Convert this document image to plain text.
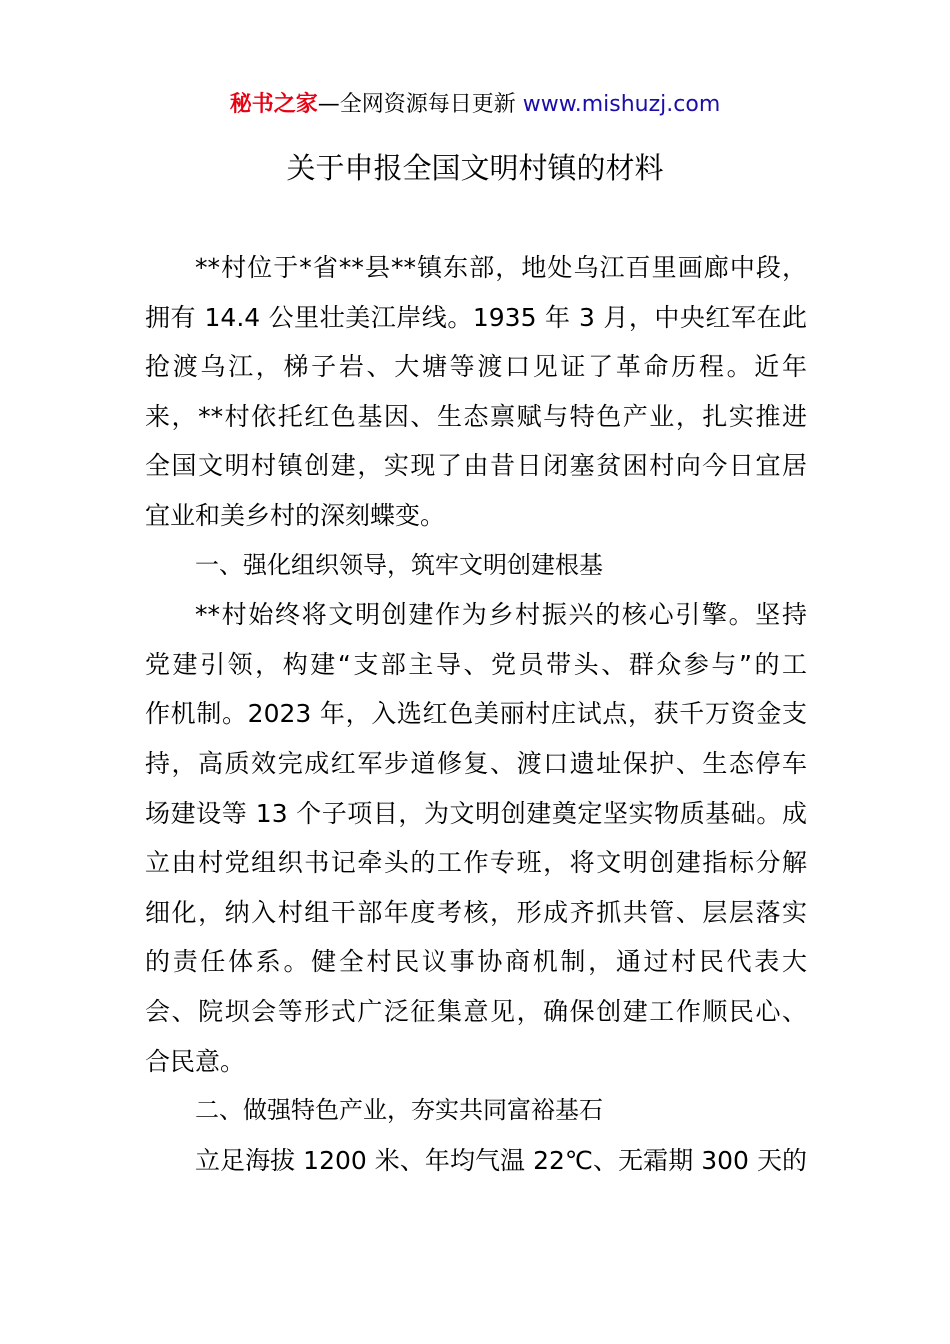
秘书之家—全网资源每日更新 www.mishuzj.com
关于申报全国文明村镇的材料
**村位于*省**县**镇东部，地处乌江百里画廊中段，
拥有 14.4 公里壮美江岸线。1935 年 3 月，中央红军在此
抢渡乌江，梯子岩、大塘等渡口见证了革命历程。近年
来，**村依托红色基因、生态禀赋与特色产业，扎实推进
全国文明村镇创建，实现了由昔日闭塞贫困村向今日宜居
宜业和美乡村的深刻蝶变。
一、强化组织领导，筑牢文明创建根基
**村始终将文明创建作为乡村振兴的核心引擎。坚持
党建引领，构建“支部主导、党员带头、群众参与”的工
作机制。2023 年，入选红色美丽村庄试点，获千万资金支
持，高质效完成红军步道修复、渡口遗址保护、生态停车
场建设等 13 个子项目，为文明创建奠定坚实物质基础。成
立由村党组织书记牵头的工作专班，将文明创建指标分解
细化，纳入村组干部年度考核，形成齐抓共管、层层落实
的责任体系。健全村民议事协商机制，通过村民代表大
会、院坝会等形式广泛征集意见，确保创建工作顺民心、
合民意。
二、做强特色产业，夯实共同富裕基石
立足海拔 1200 米、年均气温 22℃、无霜期 300 天的
